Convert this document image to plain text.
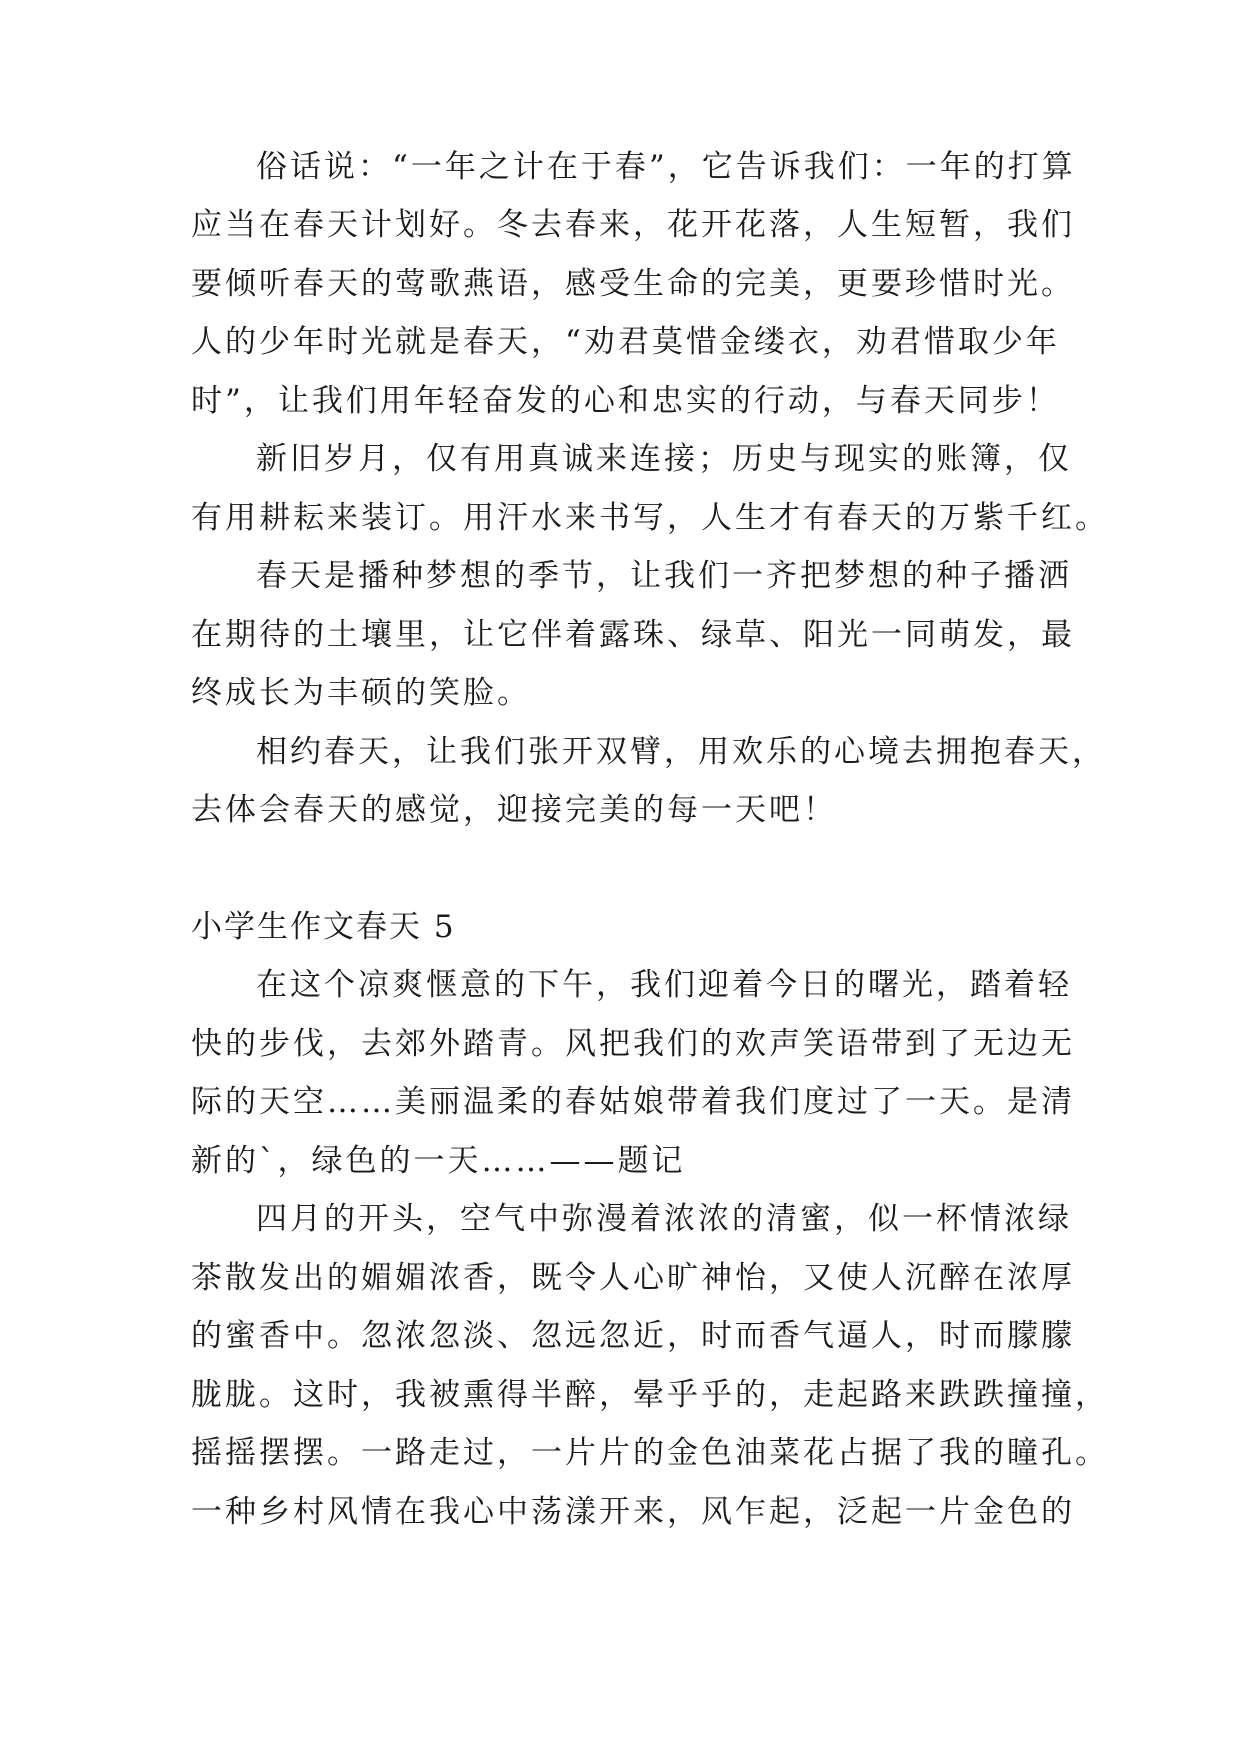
俗话说：“一年之计在于春”，它告诉我们：一年的打算
应当在春天计划好。冬去春来，花开花落，人生短暂，我们
要倾听春天的莺歌燕语，感受生命的完美，更要珍惜时光。
人的少年时光就是春天，“劝君莫惜金缕衣，劝君惜取少年
时”，让我们用年轻奋发的心和忠实的行动，与春天同步！
新旧岁月，仅有用真诚来连接；历史与现实的账簿，仅
有用耕耘来装订。用汗水来书写，人生才有春天的万紫千红。
春天是播种梦想的季节，让我们一齐把梦想的种子播洒
在期待的土壤里，让它伴着露珠、绿草、阳光一同萌发，最
终成长为丰硕的笑脸。
相约春天，让我们张开双臂，用欢乐的心境去拥抱春天，
去体会春天的感觉，迎接完美的每一天吧！
小学生作文春天 5
在这个凉爽惬意的下午，我们迎着今日的曙光，踏着轻
快的步伐，去郊外踏青。风把我们的欢声笑语带到了无边无
际的天空……美丽温柔的春姑娘带着我们度过了一天。是清
新的`，绿色的一天……——题记
四月的开头，空气中弥漫着浓浓的清蜜，似一杯情浓绿
茶散发出的媚媚浓香，既令人心旷神怡，又使人沉醉在浓厚
的蜜香中。忽浓忽淡、忽远忽近，时而香气逼人，时而朦朦
胧胧。这时，我被熏得半醉，晕乎乎的，走起路来跌跌撞撞，
摇摇摆摆。一路走过，一片片的金色油菜花占据了我的瞳孔。
一种乡村风情在我心中荡漾开来，风乍起，泛起一片金色的
